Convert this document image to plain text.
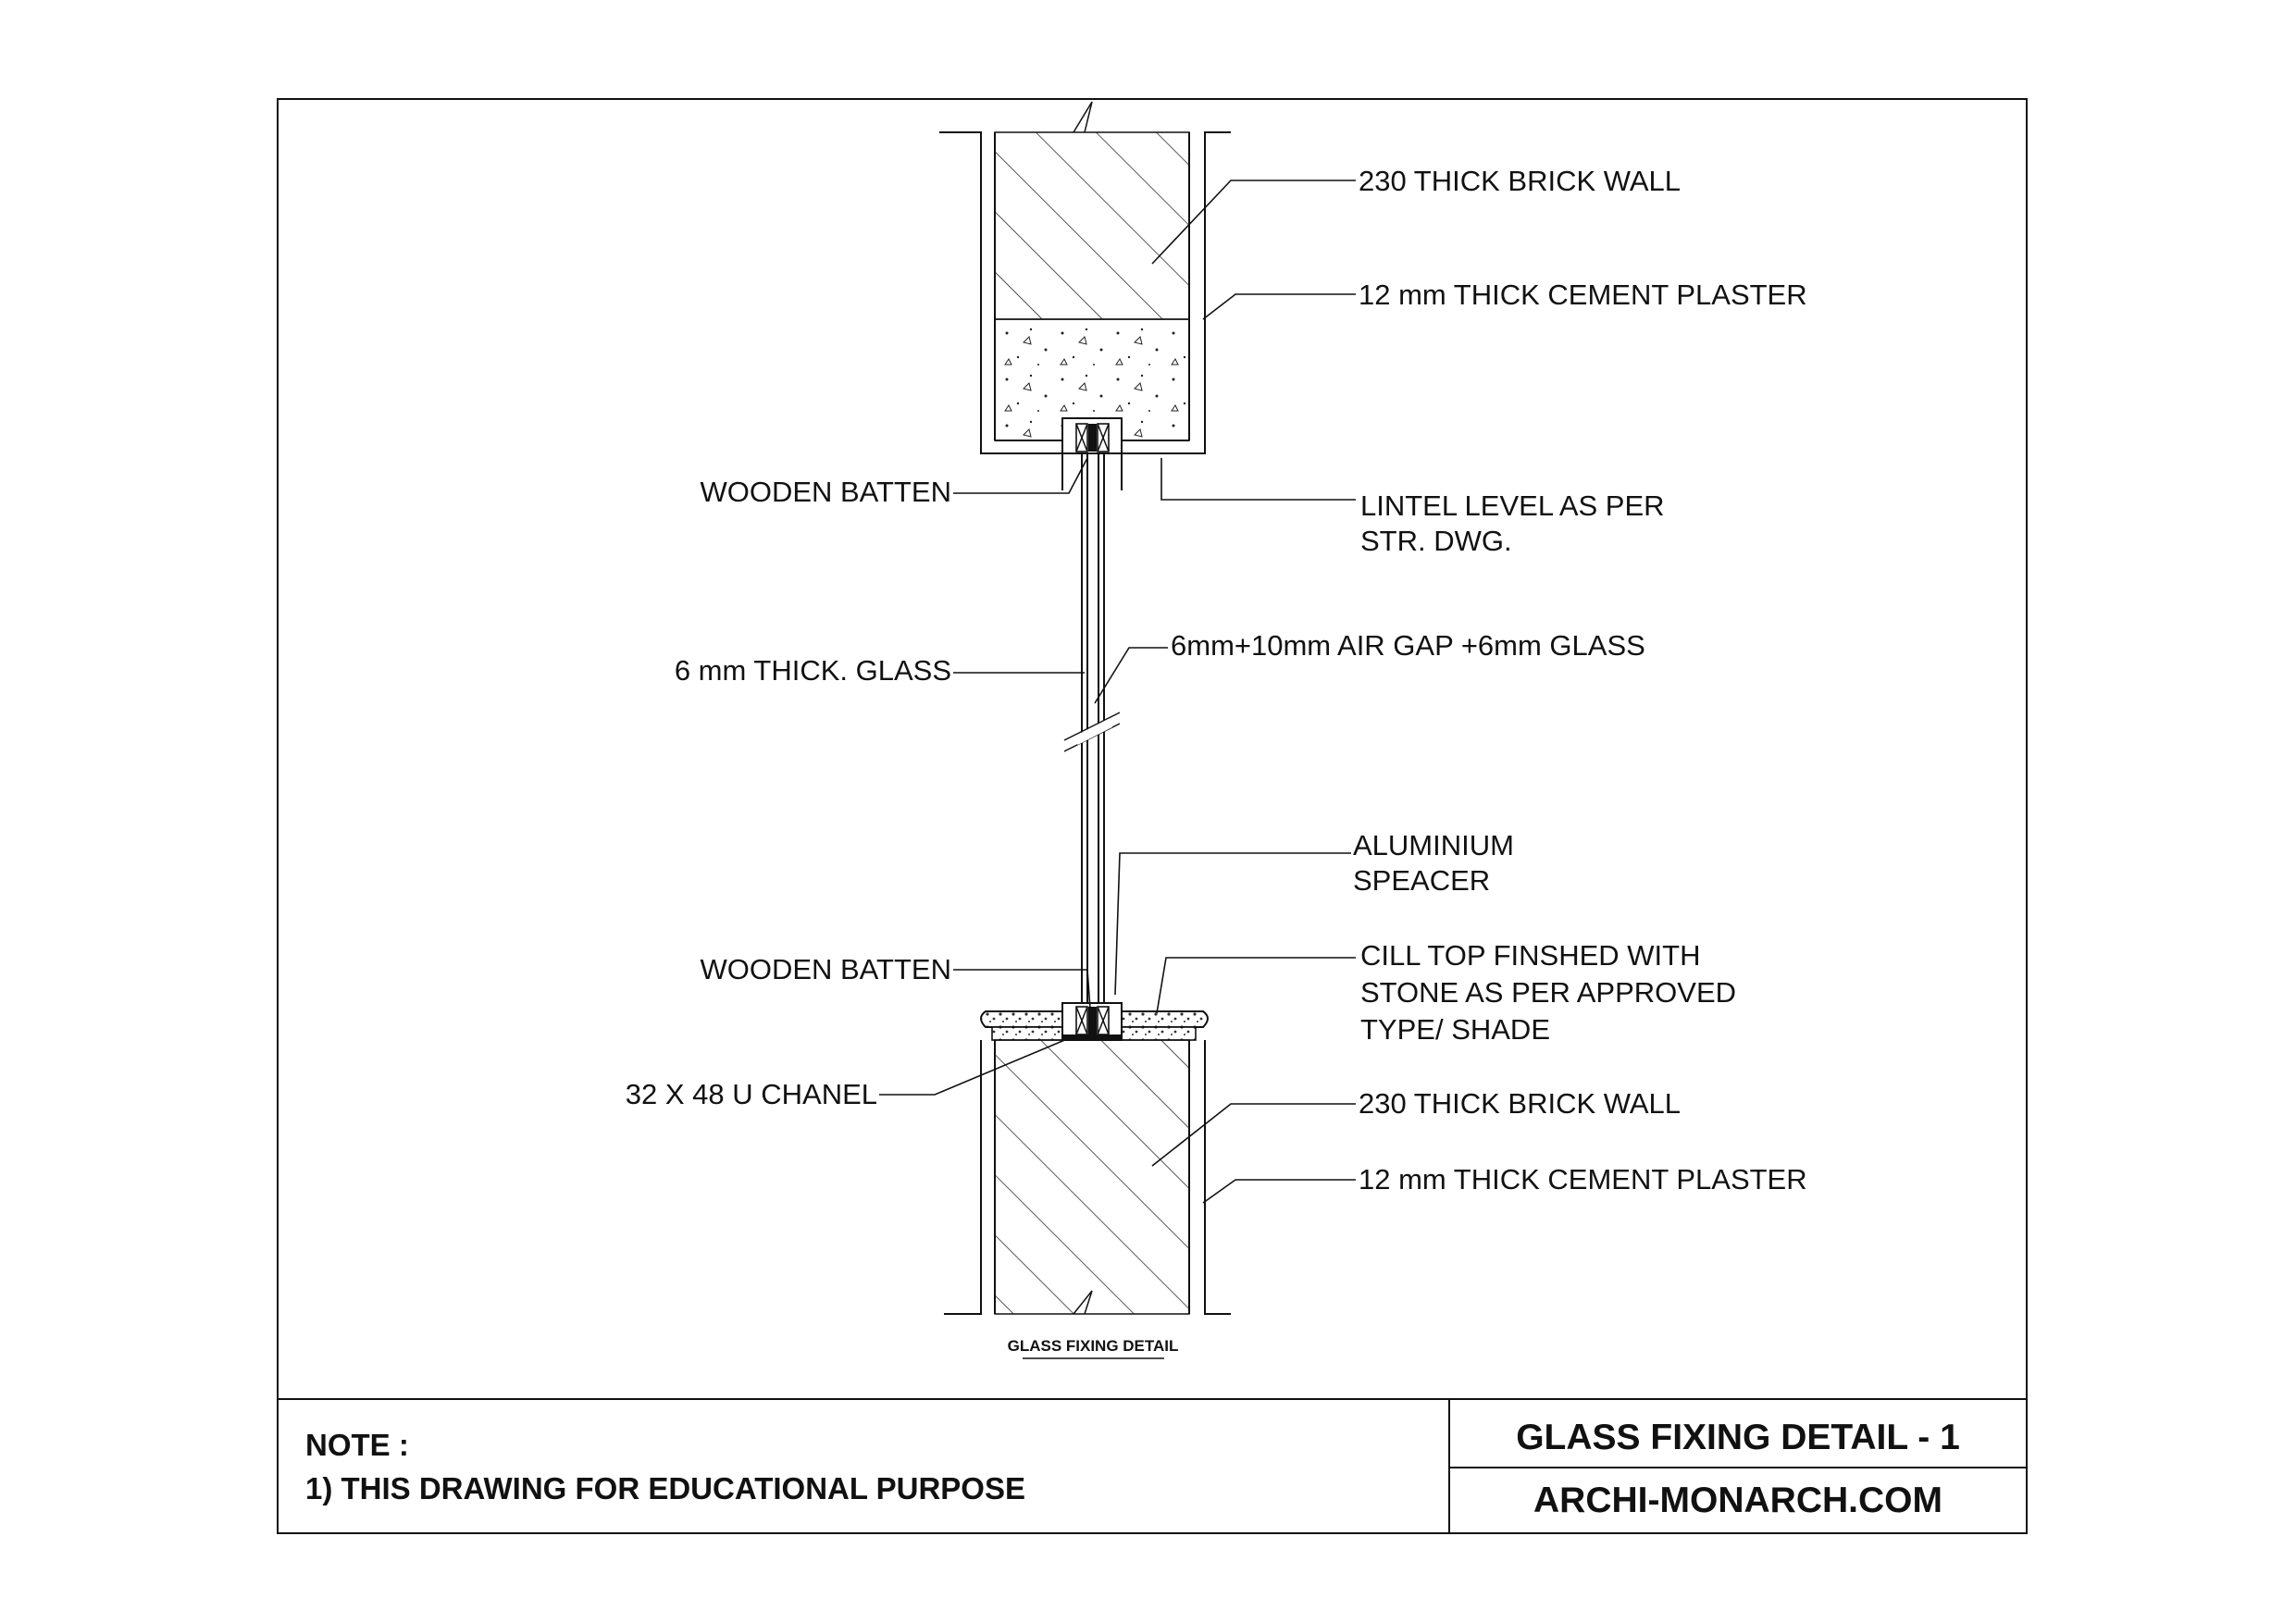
230 THICK BRICK WALL
12 mm THICK CEMENT PLASTER
WOODEN BATTEN	LINTEL LEVEL AS PER
STR. DWG.
6 mm THICK. GLASS
6mm+10mm AIR GAP +6mm GLASS
ALUMINIUM
SPEACER
WOODEN BATTEN	CILL TOP FINSHED WITH
STONE AS PER APPROVED
TYPE/ SHADE
32 X 48 U CHANEL	230 THICK BRICK WALL
12 mm THICK CEMENT PLASTER
GLASS FIXING DETAIL
NOTE :
1) THIS DRAWING FOR EDUCATIONAL PURPOSE
GLASS FIXING DETAIL - 1
ARCHI-MONARCH.COM
